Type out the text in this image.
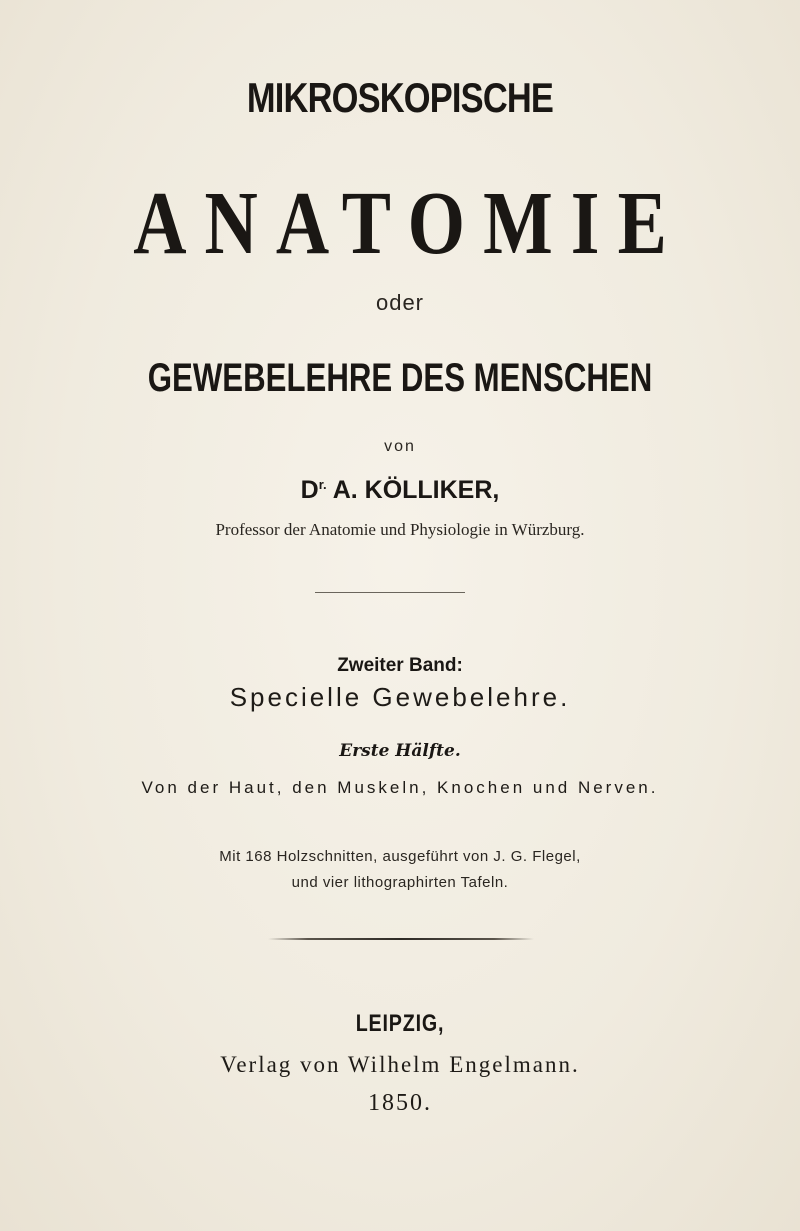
MIKROSKOPISCHE
ANATOMIE
oder
GEWEBELEHRE DES MENSCHEN
von
$D^{r.}$ A. KÖLLIKER,
Professor der Anatomie und Physiologie in Würzburg.
Zweiter Band:
Specielle Gewebelehre.
Erste Hälfte.
Von der Haut, den Muskeln, Knochen und Nerven.
Mit 168 Holzschnitten, ausgeführt von J. G. Flegel,
und vier lithographirten Tafeln.
LEIPZIG,
Verlag von Wilhelm Engelmann.
1850.
